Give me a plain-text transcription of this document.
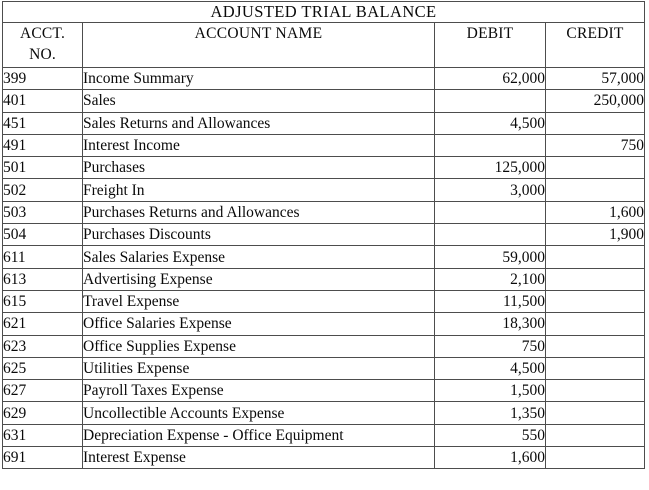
ADJUSTED TRIAL BALANCE			
ACCT.
NO.	ACCOUNT NAME	DEBIT	CREDIT
399	Income Summary	62,000	57,000
401	Sales		250,000
451	Sales Returns and Allowances	4,500	
491	Interest Income		750
501	Purchases	125,000	
502	Freight In	3,000	
503	Purchases Returns and Allowances		1,600
504	Purchases Discounts		1,900
611	Sales Salaries Expense	59,000	
613	Advertising Expense	2,100	
615	Travel Expense	11,500	
621	Office Salaries Expense	18,300	
623	Office Supplies Expense	750	
625	Utilities Expense	4,500	
627	Payroll Taxes Expense	1,500	
629	Uncollectible Accounts Expense	1,350	
631	Depreciation Expense - Office Equipment	550	
691	Interest Expense	1,600	
